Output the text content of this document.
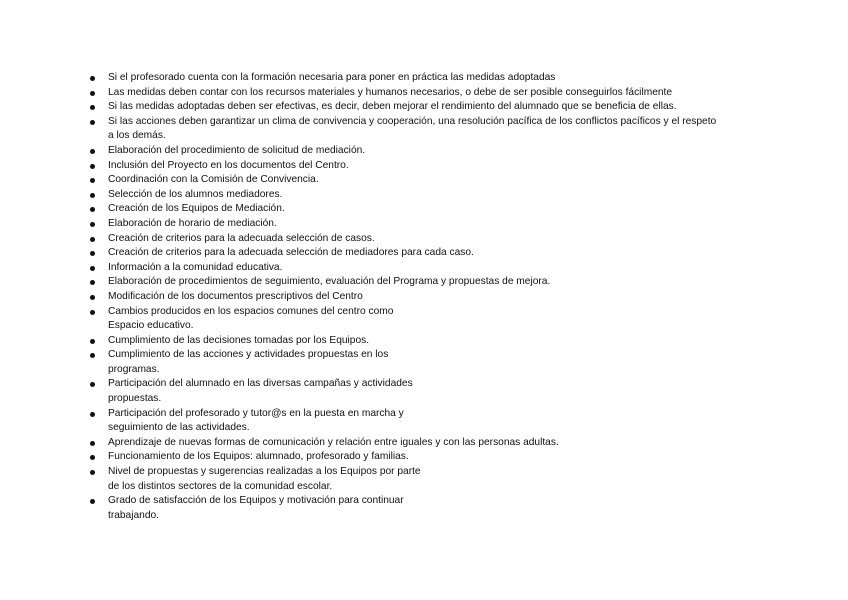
Si el profesorado cuenta con la formación necesaria para poner en práctica las medidas adoptadas
Las medidas deben contar con los recursos materiales y humanos necesarios, o debe de ser posible conseguirlos fácilmente
Si las medidas adoptadas deben ser efectivas, es decir, deben mejorar el rendimiento del alumnado que se beneficia de ellas.
Si las acciones deben garantizar un clima de convivencia y cooperación, una resolución pacífica de los conflictos pacíficos y el respeto
a los demás.
Elaboración del procedimiento de solicitud de mediación.
Inclusión del Proyecto en los documentos del Centro.
Coordinación con la Comisión de Convivencia.
Selección de los alumnos mediadores.
Creación de los Equipos de Mediación.
Elaboración de horario de mediación.
Creación de criterios para la adecuada selección de casos.
Creación de criterios para la adecuada selección de mediadores para cada caso.
Información a la comunidad educativa.
Elaboración de procedimientos de seguimiento, evaluación del Programa y propuestas de mejora.
Modificación de los documentos prescriptivos del Centro
Cambios producidos en los espacios comunes del centro como
Espacio educativo.
Cumplimiento de las decisiones tomadas por los Equipos.
Cumplimiento de las acciones y actividades propuestas en los
programas.
Participación del alumnado en las diversas campañas y actividades
propuestas.
Participación del profesorado y tutor@s en la puesta en marcha y
seguimiento de las actividades.
Aprendizaje de nuevas formas de comunicación y relación entre iguales y con las personas adultas.
Funcionamiento de los Equipos: alumnado, profesorado y familias.
Nivel de propuestas y sugerencias realizadas a los Equipos por parte
de los distintos sectores de la comunidad escolar.
Grado de satisfacción de los Equipos y motivación para continuar
trabajando.
